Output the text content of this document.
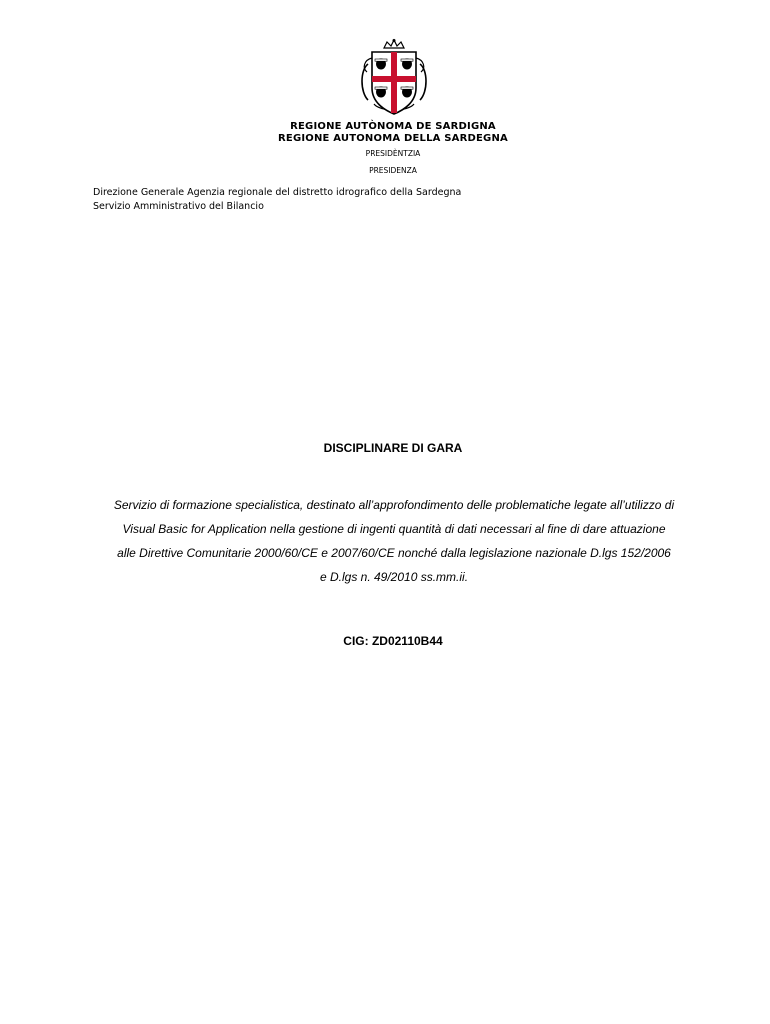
REGIONE AUTÒNOMA DE SARDIGNA
REGIONE AUTONOMA DELLA SARDEGNA
PRESIDÈNTZIA
PRESIDENZA
Direzione Generale Agenzia regionale del distretto idrografico della Sardegna
Servizio Amministrativo del Bilancio
DISCIPLINARE DI GARA
Servizio di formazione specialistica, destinato all’approfondimento delle problematiche legate all’utilizzo di
Visual Basic for Application nella gestione di ingenti quantità di dati necessari al fine di dare attuazione
alle Direttive Comunitarie 2000/60/CE e 2007/60/CE nonché dalla legislazione nazionale D.lgs 152/2006
e D.lgs n. 49/2010 ss.mm.ii.
CIG: ZD02110B44
